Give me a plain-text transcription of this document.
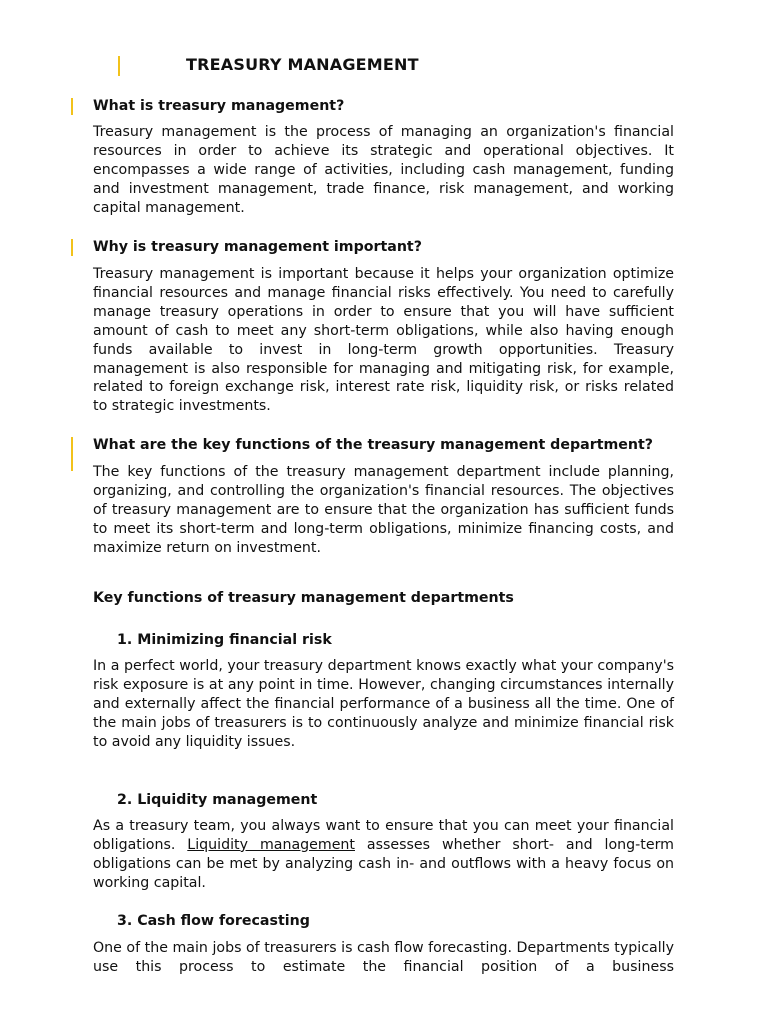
TREASURY MANAGEMENT
What is treasury management?

Treasury management is the process of managing an organization's financial resources in order to achieve its strategic and operational objectives. It encompasses a wide range of activities, including cash management, funding and investment management, trade finance, risk management, and working capital management.

Why is treasury management important?

Treasury management is important because it helps your organization optimize financial resources and manage financial risks effectively. You need to carefully manage treasury operations in order to ensure that you will have sufficient amount of cash to meet any short-term obligations, while also having enough funds available to invest in long-term growth opportunities. Treasury management is also responsible for managing and mitigating risk, for example, related to foreign exchange risk, interest rate risk, liquidity risk, or risks related to strategic investments.

What are the key functions of the treasury management department?

The key functions of the treasury management department include planning, organizing, and controlling the organization's financial resources. The objectives of treasury management are to ensure that the organization has sufficient funds to meet its short-term and long-term obligations, minimize financing costs, and maximize return on investment.

Key functions of treasury management departments
1. Minimizing financial risk

In a perfect world, your treasury department knows exactly what your company's risk exposure is at any point in time. However, changing circumstances internally and externally affect the financial performance of a business all the time. One of the main jobs of treasurers is to continuously analyze and minimize financial risk to avoid any liquidity issues.

2. Liquidity management

As a treasury team, you always want to ensure that you can meet your financial obligations. Liquidity management assesses whether short- and long-term obligations can be met by analyzing cash in- and outflows with a heavy focus on working capital.

3. Cash flow forecasting

One of the main jobs of treasurers is cash flow forecasting. Departments typically use this process to estimate the financial position of a business
